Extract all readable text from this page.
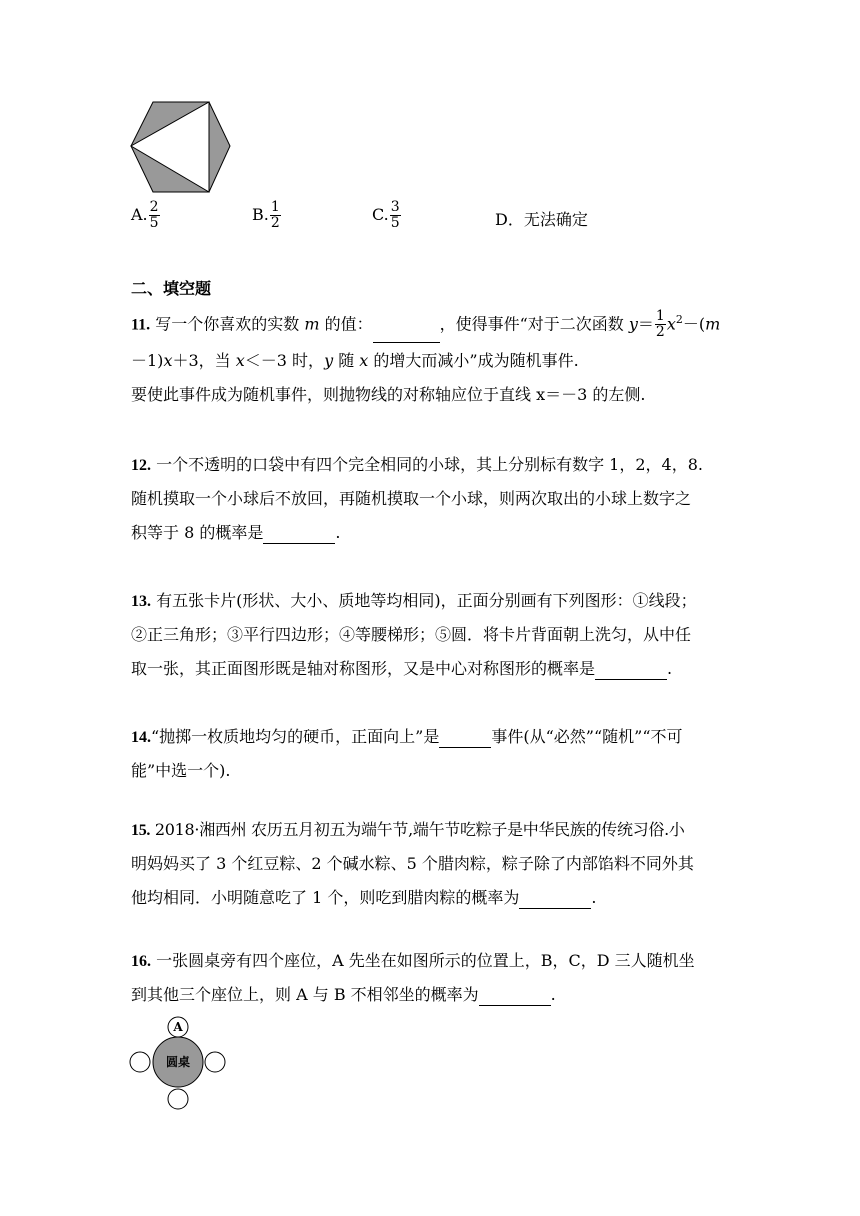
A. $\frac{2}{5}$	B. $\frac{1}{2}$	C. $\frac{3}{5}$	D．无法确定
二、填空题
11. 写一个你喜欢的实数 m 的值：	，使得事件“对于二次函数 $y= \frac{1}{2} x^2-(m$
－1)x＋3，当 x＜－3 时，y 随 x 的增大而减小”成为随机事件.
要使此事件成为随机事件，则抛物线的对称轴应位于直线 x＝－3 的左侧.
12. 一个不透明的口袋中有四个完全相同的小球，其上分别标有数字 1，2，4，8.
随机摸取一个小球后不放回，再随机摸取一个小球，则两次取出的小球上数字之
积等于 8 的概率是	.
13. 有五张卡片(形状、大小、质地等均相同)，正面分别画有下列图形：①线段；
②正三角形；③平行四边形；④等腰梯形；⑤圆．将卡片背面朝上洗匀，从中任
取一张，其正面图形既是轴对称图形，又是中心对称图形的概率是	.
14.“抛掷一枚质地均匀的硬币，正面向上”是	事件(从“必然”“随机”“不可
能”中选一个).
15. 2018·湘西州 农历五月初五为端午节,端午节吃粽子是中华民族的传统习俗.小
明妈妈买了 3 个红豆粽、2 个碱水粽、5 个腊肉粽，粽子除了内部馅料不同外其
他均相同．小明随意吃了 1 个，则吃到腊肉粽的概率为	.
16. 一张圆桌旁有四个座位，A 先坐在如图所示的位置上，B，C，D 三人随机坐
到其他三个座位上，则 A 与 B 不相邻坐的概率为	.
A
圆桌
